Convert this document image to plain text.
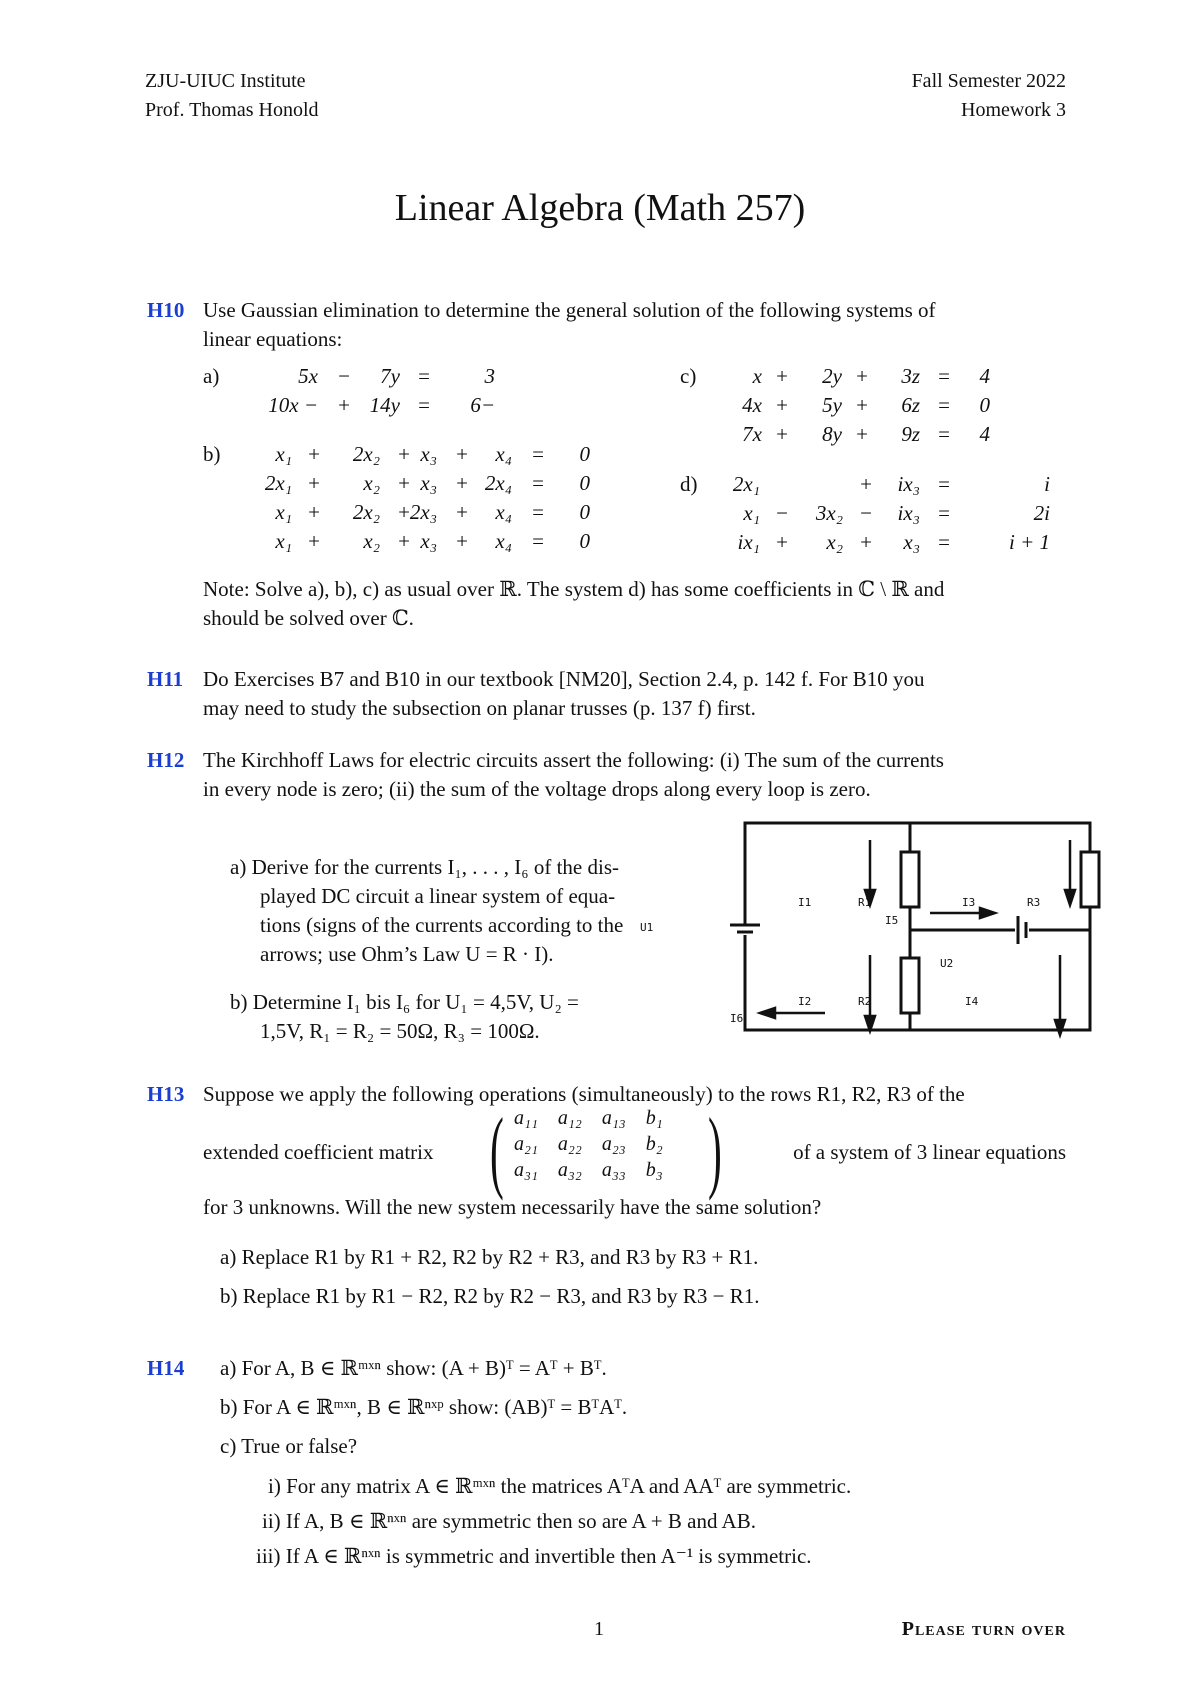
ZJU-UIUC Institute
Prof. Thomas Honold
Fall Semester 2022
Homework 3
Linear Algebra (Math 257)
H10 Use Gaussian elimination to determine the general solution of the following systems of
linear equations:
a)	5x − 7y =	3
− 10x + 14y = −6
b)	x₁ + 2x₂ + x₃ + x₄ = 0
2x₁ + x₂ + x₃ + 2x₄ = 0
x₁ + 2x₂ + 2x₃ + x₄ = 0
x₁ + x₂ + x₃ + x₄ = 0
c)	x + 2y + 3z = 4
4x + 5y + 6z = 0
7x + 8y + 9z = 4
d) 2x₁	+ ix₃ =	i
x₁ − 3x₂ − ix₃ =	2i
ix₁ + x₂ + x₃ =	1 + i
Note: Solve a), b), c) as usual over ℝ. The system d) has some coefficients in ℂ \ ℝ and
should be solved over ℂ.
H11 Do Exercises B7 and B10 in our textbook [NM20], Section 2.4, p. 142 f. For B10 you
may need to study the subsection on planar trusses (p. 137 f) first.
H12 The Kirchhoff Laws for electric circuits assert the following: (i) The sum of the currents
in every node is zero; (ii) the sum of the voltage drops along every loop is zero.
a) Derive for the currents I₁, . . . , I₆ of the dis-
played DC circuit a linear system of equa-
tions (signs of the currents according to the
arrows; use Ohm’s Law U = R · I).
b) Determine I₁ bis I₆ for U₁ = 4,5V, U₂ =
1,5V, R₁ = R₂ = 50Ω, R₃ = 100Ω.
I1
I2
I3
I4
I5
I6
R1
R2
R3
U1
U2
H13 Suppose we apply the following operations (simultaneously) to the rows R1, R2, R3 of the
extended coefficient matrix	of a system of 3 linear equations
( a₁₁	a₁₂	a₁₃	b₁
a₂₁	a₂₂	a₂₃	b₂
a₃₁	a₃₂	a₃₃	b₃ )
for 3 unknowns. Will the new system necessarily have the same solution?
a) Replace R1 by R1 + R2, R2 by R2 + R3, and R3 by R3 + R1.
b) Replace R1 by R1 − R2, R2 by R2 − R3, and R3 by R3 − R1.
H14 a) For A, B ∈ ℝᵐˣⁿ show: (A + B)ᵀ = Aᵀ + Bᵀ.
b) For A ∈ ℝᵐˣⁿ, B ∈ ℝⁿˣᵖ show: (AB)ᵀ = BᵀAᵀ.
c) True or false?
i) For any matrix A ∈ ℝᵐˣⁿ the matrices AᵀA and AAᵀ are symmetric.
ii) If A, B ∈ ℝⁿˣⁿ are symmetric then so are A + B and AB.
iii) If A ∈ ℝⁿˣⁿ is symmetric and invertible then A⁻¹ is symmetric.
1	Please turn over
